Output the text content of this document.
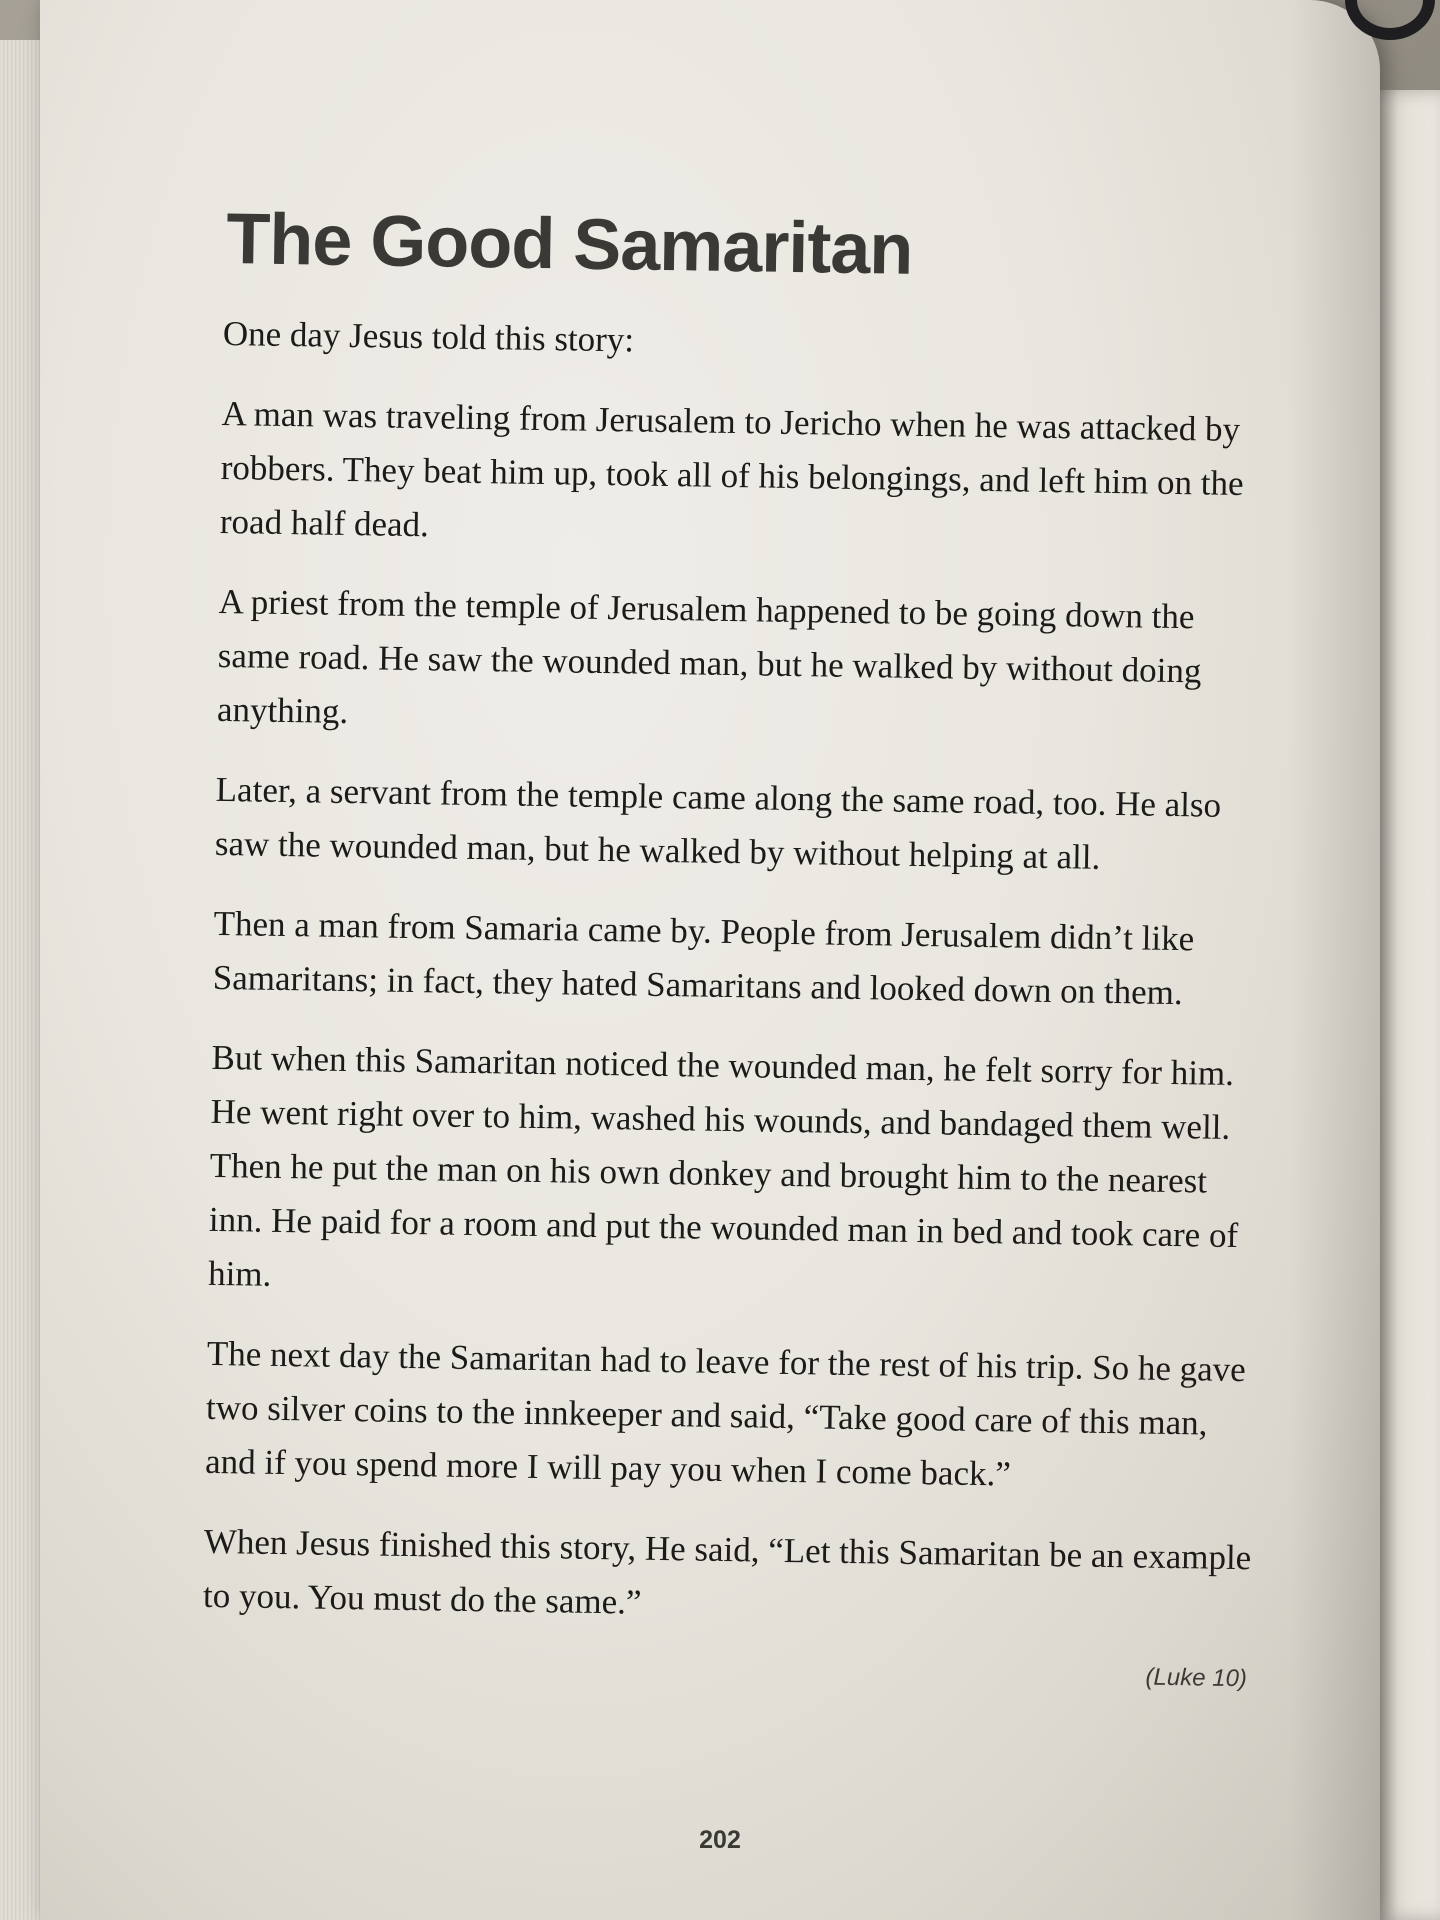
The Good Samaritan

One day Jesus told this story:

A man was traveling from Jerusalem to Jericho when he was attacked by robbers. They beat him up, took all of his belongings, and left him on the road half dead.

A priest from the temple of Jerusalem happened to be going down the same road. He saw the wounded man, but he walked by without doing anything.

Later, a servant from the temple came along the same road, too. He also saw the wounded man, but he walked by without helping at all.

Then a man from Samaria came by. People from Jerusalem didn’t like Samaritans; in fact, they hated Samaritans and looked down on them.

But when this Samaritan noticed the wounded man, he felt sorry for him. He went right over to him, washed his wounds, and bandaged them well. Then he put the man on his own donkey and brought him to the nearest inn. He paid for a room and put the wounded man in bed and took care of him.

The next day the Samaritan had to leave for the rest of his trip. So he gave two silver coins to the innkeeper and said, “Take good care of this man, and if you spend more I will pay you when I come back.”

When Jesus finished this story, He said, “Let this Samaritan be an example to you. You must do the same.”

(Luke 10)
202
